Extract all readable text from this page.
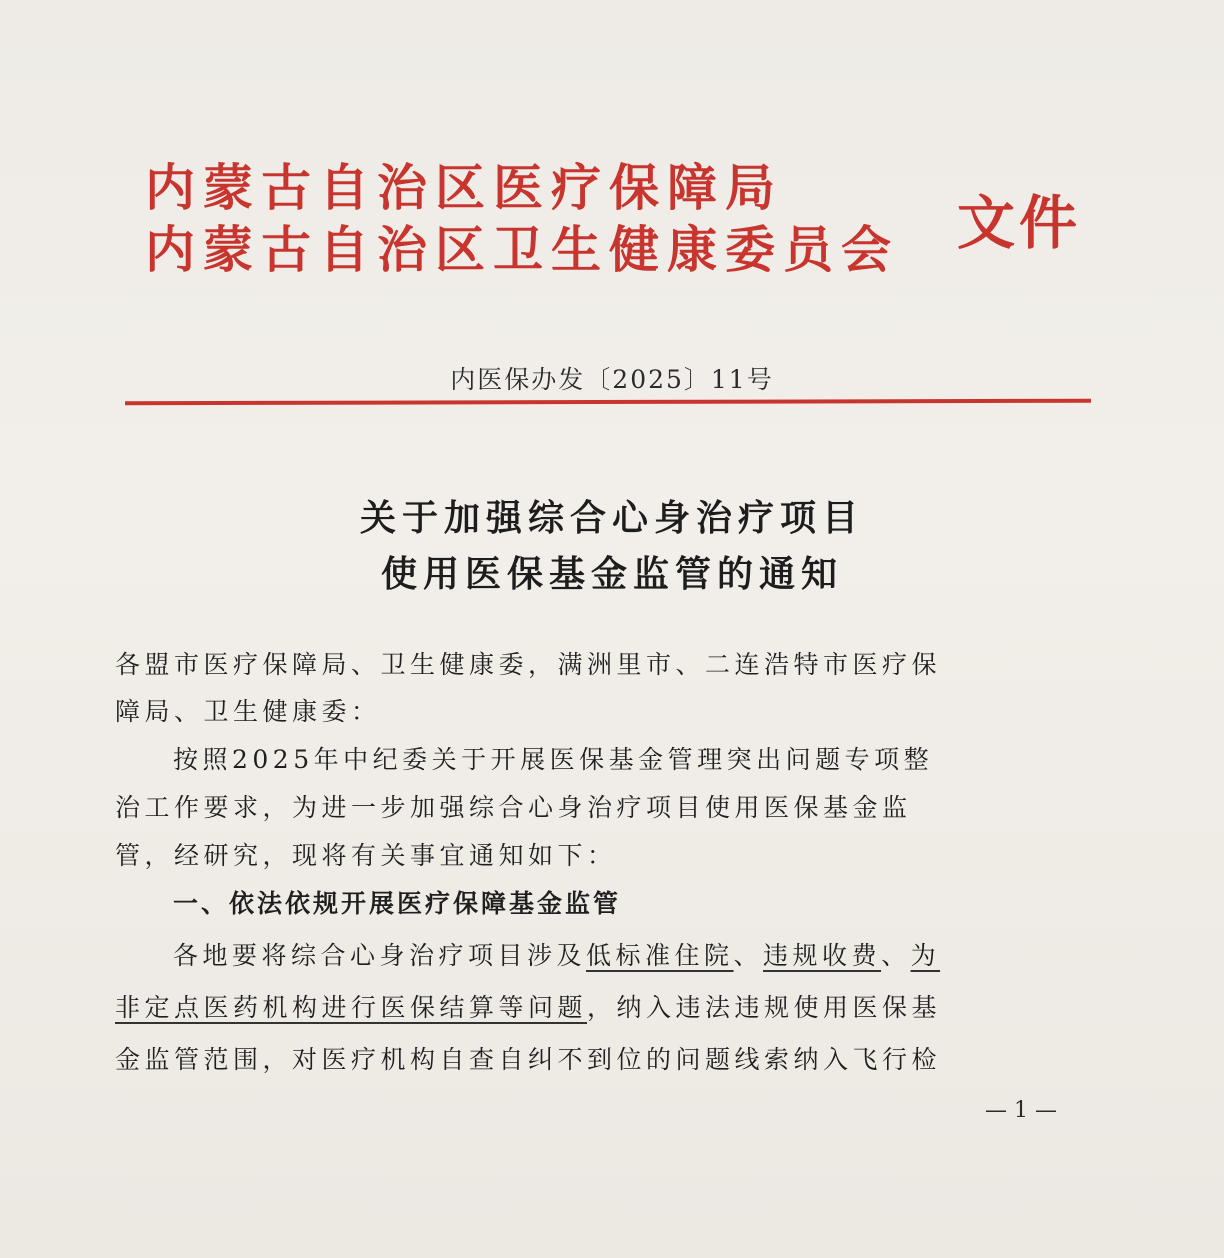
内蒙古自治区医疗保障局
内蒙古自治区卫生健康委员会 文件
内医保办发〔2025〕11号
关于加强综合心身治疗项目
使用医保基金监管的通知
各盟市医疗保障局、卫生健康委，满洲里市、二连浩特市医疗保
障局、卫生健康委：
按照2025年中纪委关于开展医保基金管理突出问题专项整
治工作要求，为进一步加强综合心身治疗项目使用医保基金监
管，经研究，现将有关事宜通知如下：
一、依法依规开展医疗保障基金监管
各地要将综合心身治疗项目涉及低标准住院、违规收费、为
非定点医药机构进行医保结算等问题，纳入违法违规使用医保基
金监管范围，对医疗机构自查自纠不到位的问题线索纳入飞行检
— 1 —
